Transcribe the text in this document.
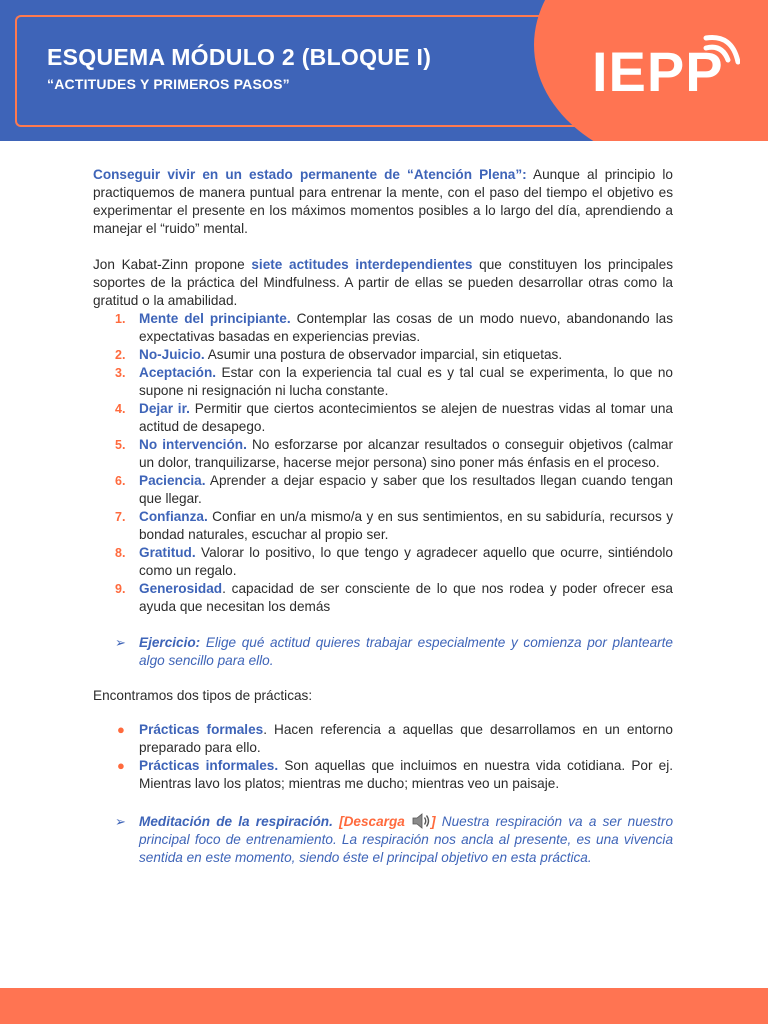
ESQUEMA MÓDULO 2 (BLOQUE I)
“ACTITUDES Y PRIMEROS PASOS”	IEPP

Conseguir vivir en un estado permanente de “Atención Plena”: Aunque al principio lo practiquemos de manera puntual para entrenar la mente, con el paso del tiempo el objetivo es experimentar el presente en los máximos momentos posibles a lo largo del día, aprendiendo a manejar el “ruido” mental.

Jon Kabat-Zinn propone siete actitudes interdependientes que constituyen los principales soportes de la práctica del Mindfulness. A partir de ellas se pueden desarrollar otras como la gratitud o la amabilidad.

1. Mente del principiante. Contemplar las cosas de un modo nuevo, abandonando las expectativas basadas en experiencias previas.
2. No-Juicio. Asumir una postura de observador imparcial, sin etiquetas.
3. Aceptación. Estar con la experiencia tal cual es y tal cual se experimenta, lo que no supone ni resignación ni lucha constante.
4. Dejar ir. Permitir que ciertos acontecimientos se alejen de nuestras vidas al tomar una actitud de desapego.
5. No intervención. No esforzarse por alcanzar resultados o conseguir objetivos (calmar un dolor, tranquilizarse, hacerse mejor persona) sino poner más énfasis en el proceso.
6. Paciencia. Aprender a dejar espacio y saber que los resultados llegan cuando tengan que llegar.
7. Confianza. Confiar en un/a mismo/a y en sus sentimientos, en su sabiduría, recursos y bondad naturales, escuchar al propio ser.
8. Gratitud. Valorar lo positivo, lo que tengo y agradecer aquello que ocurre, sintiéndolo como un regalo.
9. Generosidad. capacidad de ser consciente de lo que nos rodea y poder ofrecer esa ayuda que necesitan los demás
➢ Ejercicio: Elige qué actitud quieres trabajar especialmente y comienza por plantearte algo sencillo para ello.

Encontramos dos tipos de prácticas:

● Prácticas formales. Hacen referencia a aquellas que desarrollamos en un entorno preparado para ello.
● Prácticas informales. Son aquellas que incluimos en nuestra vida cotidiana. Por ej. Mientras lavo los platos; mientras me ducho; mientras veo un paisaje.
➢ Meditación de la respiración. [Descarga ] Nuestra respiración va a ser nuestro principal foco de entrenamiento. La respiración nos ancla al presente, es una vivencia sentida en este momento, siendo éste el principal objetivo en esta práctica.
